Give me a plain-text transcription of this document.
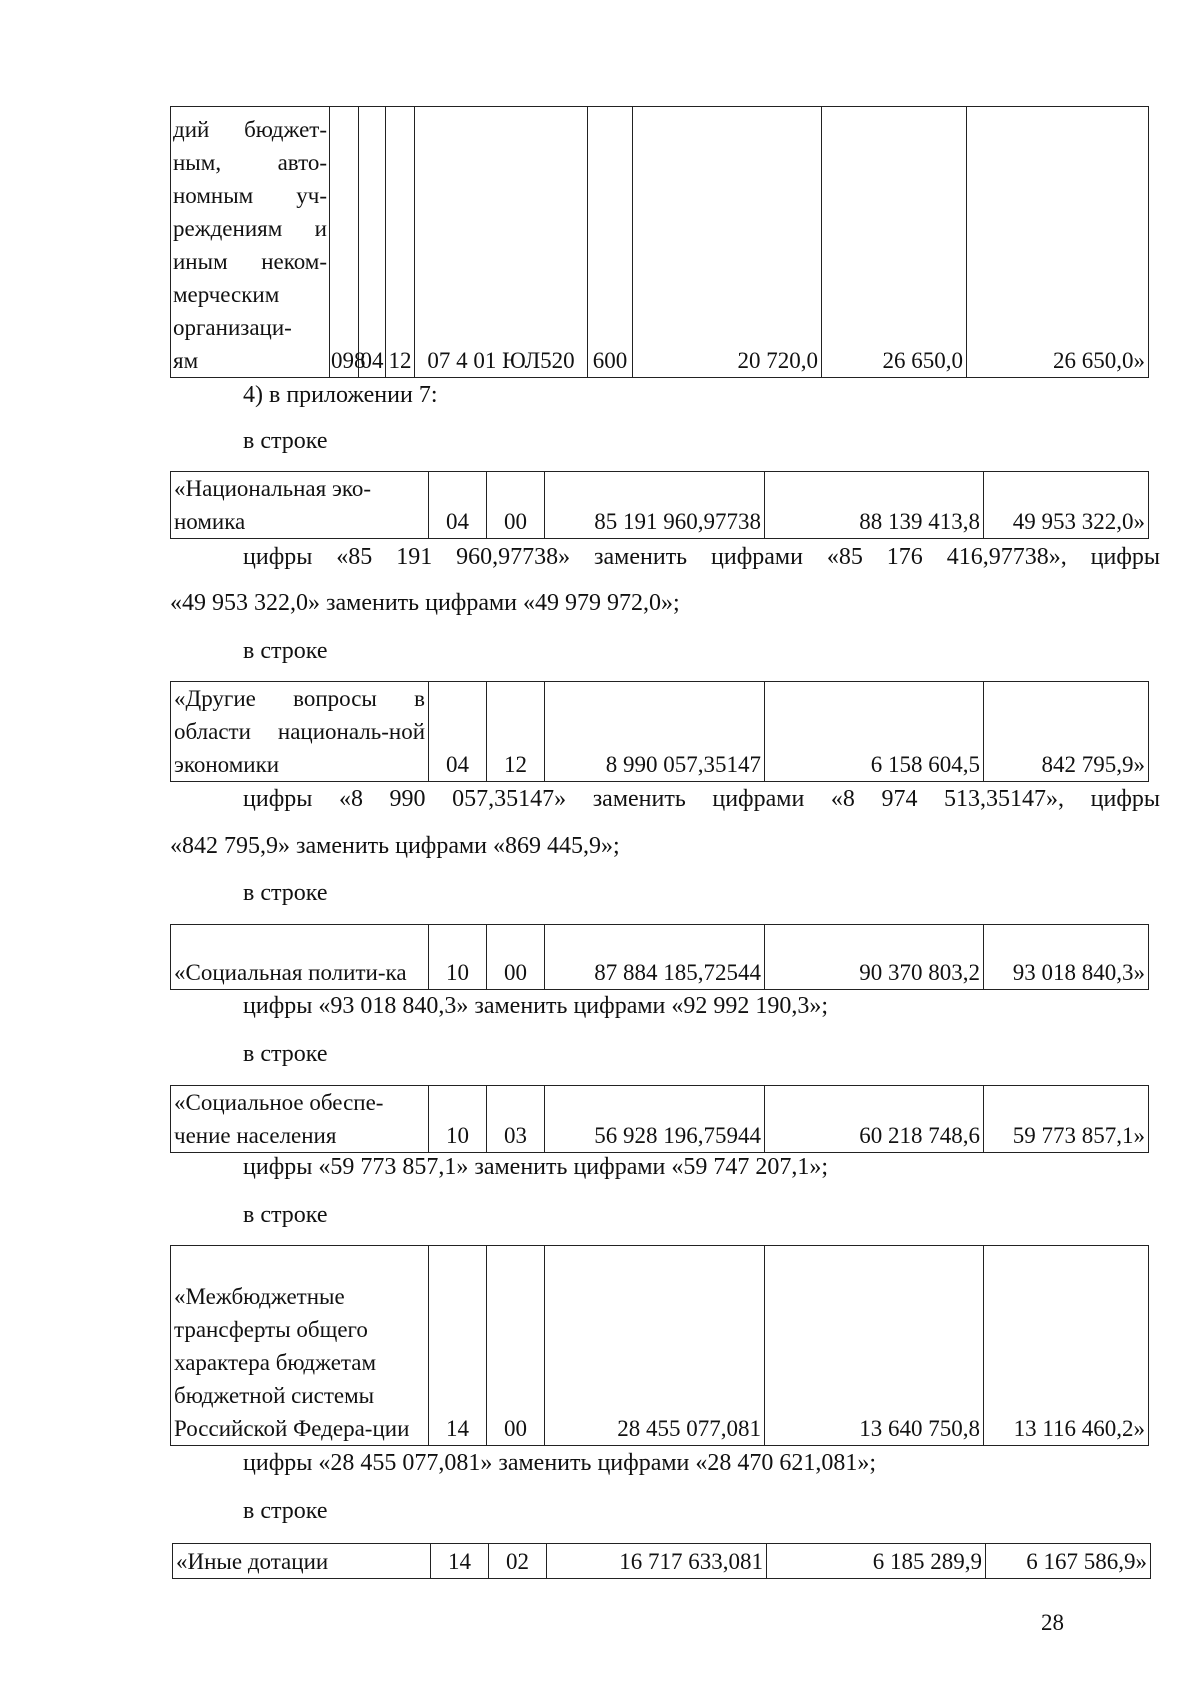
дий бюджет-
ным, авто-
номным уч-
реждениям и
иным неком-
мерческим
организаци-
ям	098	04	12	07 4 01 ЮЛ520	600	20 720,0	26 650,0	26 650,0»
4) в приложении 7:
в строке
«Национальная эко-номика	04	00	85 191 960,97738	88 139 413,8	49 953 322,0»
цифры «85 191 960,97738» заменить цифрами «85 176 416,97738», цифры
«49 953 322,0» заменить цифрами «49 979 972,0»;
в строке
«Другие вопросы в области националь-ной экономики	04	12	8 990 057,35147	6 158 604,5	842 795,9»
цифры «8 990 057,35147» заменить цифрами «8 974 513,35147», цифры
«842 795,9» заменить цифрами «869 445,9»;
в строке
«Социальная полити-ка	10	00	87 884 185,72544	90 370 803,2	93 018 840,3»
цифры «93 018 840,3» заменить цифрами «92 992 190,3»;
в строке
«Социальное обеспе-чение населения	10	03	56 928 196,75944	60 218 748,6	59 773 857,1»
цифры «59 773 857,1» заменить цифрами «59 747 207,1»;
в строке
«Межбюджетные трансферты общего характера бюджетам бюджетной системы Российской Федера-ции	14	00	28 455 077,081	13 640 750,8	13 116 460,2»
цифры «28 455 077,081» заменить цифрами «28 470 621,081»;
в строке
«Иные дотации	14	02	16 717 633,081	6 185 289,9	6 167 586,9»
28
